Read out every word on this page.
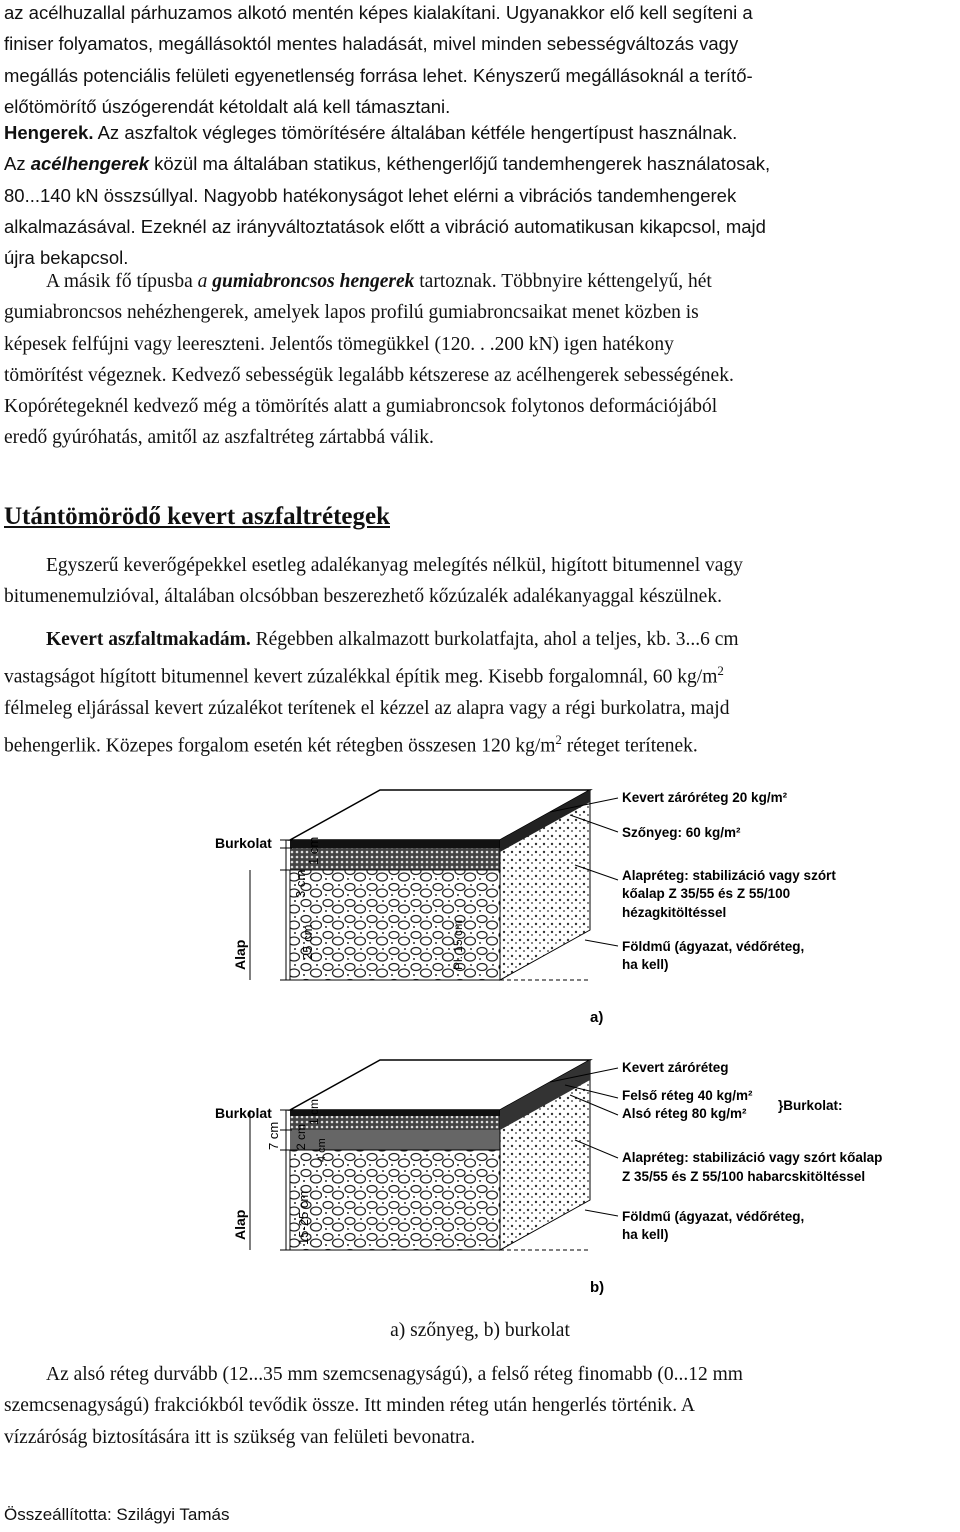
az acélhuzallal párhuzamos alkotó mentén képes kialakítani. Ugyanakkor elő kell segíteni a
finiser folyamatos, megállásoktól mentes haladását, mivel minden sebességváltozás vagy
megállás potenciális felületi egyenetlenség forrása lehet. Kényszerű megállásoknál a terítő-
előtömörítő úszógerendát kétoldalt alá kell támasztani.
Hengerek. Az aszfaltok végleges tömörítésére általában kétféle hengertípust használnak.
Az acélhengerek közül ma általában statikus, kéthengerlőjű tandemhengerek használatosak,
80...140 kN összsúllyal. Nagyobb hatékonyságot lehet elérni a vibrációs tandemhengerek
alkalmazásával. Ezeknél az irányváltoztatások előtt a vibráció automatikusan kikapcsol, majd
újra bekapcsol.
A másik fő típusba a gumiabroncsos hengerek tartoznak. Többnyire kéttengelyű, hét
gumiabroncsos nehézhengerek, amelyek lapos profilú gumiabroncsaikat menet közben is
képesek felfújni vagy leereszteni. Jelentős tömegükkel (120. . .200 kN) igen hatékony
tömörítést végeznek. Kedvező sebességük legalább kétszerese az acélhengerek sebességének.
Kopórétegeknél kedvező még a tömörítés alatt a gumiabroncsok folytonos deformációjából
eredő gyúróhatás, amitől az aszfaltréteg zártabbá válik.
Utántömörödő kevert aszfaltrétegek
Egyszerű keverőgépekkel esetleg adalékanyag melegítés nélkül, higított bitumennel vagy
bitumenemulzióval, általában olcsóbban beszerezhető kőzúzalék adalékanyaggal készülnek.
Kevert aszfaltmakadám. Régebben alkalmazott burkolatfajta, ahol a teljes, kb. 3...6 cm
vastagságot hígított bitumennel kevert zúzalékkal építik meg. Kisebb forgalomnál, 60 $kg/m^2$
félmeleg eljárással kevert zúzalékot terítenek el kézzel az alapra vagy a régi burkolatra, majd
behengerlik. Közepes forgalom esetén két rétegben összesen 120 $kg/m^2$ réteget terítenek.
Burkolat
Alap
1 cm
3 cm
25 cm	Pl. 15 cm
a)
Kevert záróréteg 20 kg/m²
Szőnyeg: 60 kg/m²
Alapréteg: stabilizáció vagy szórt
kőalap Z 35/55 és Z 55/100
hézagkitöltéssel
Földmű (ágyazat, védőréteg,
ha kell)
Burkolat
Alap
7 cm
1 cm
2 cm
4 cm
15-25 cm
b)
Kevert záróréteg
Felső réteg 40 kg/m²
Alsó réteg 80 kg/m²
}Burkolat:
Alapréteg: stabilizáció vagy szórt kőalap
Z 35/55 és Z 55/100 habarcskitöltéssel
Földmű (ágyazat, védőréteg,
ha kell)
a) szőnyeg, b) burkolat
Az alsó réteg durvább (12...35 mm szemcsenagyságú), a felső réteg finomabb (0...12 mm
szemcsenagyságú) frakciókból tevődik össze. Itt minden réteg után hengerlés történik. A
vízzáróság biztosítására itt is szükség van felületi bevonatra.
Összeállította: Szilágyi Tamás
